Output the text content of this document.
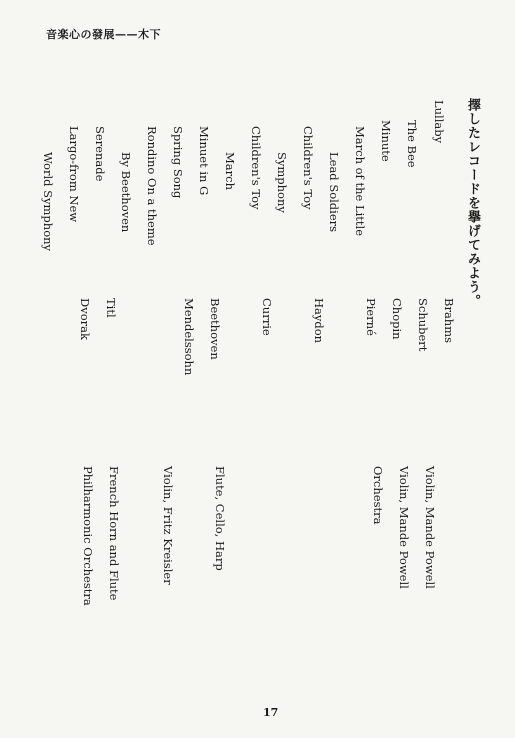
音楽心の發展——木下
擇したレコードを擧げてみよう。
Lullaby
Brahms
Violin, Mande Powell
The Bee
Schubert
Violin, Mande Powell
Minute
Chopin
Orchestra
March of the Little
Pierné
Lead Soldiers
Children's Toy
Haydon
Symphony
Children's Toy
Currie
March
Minuet in G
Beethoven
Flute, Cello, Harp
Spring Song
Mendelssohn
Rondino On a theme
Violin, Fritz Kreisler
By Beethoven
Serenade
Titl
French Horn and Flute
Largo-from New
Dvorak
Philharmonic Orchestra
World Symphony
17
